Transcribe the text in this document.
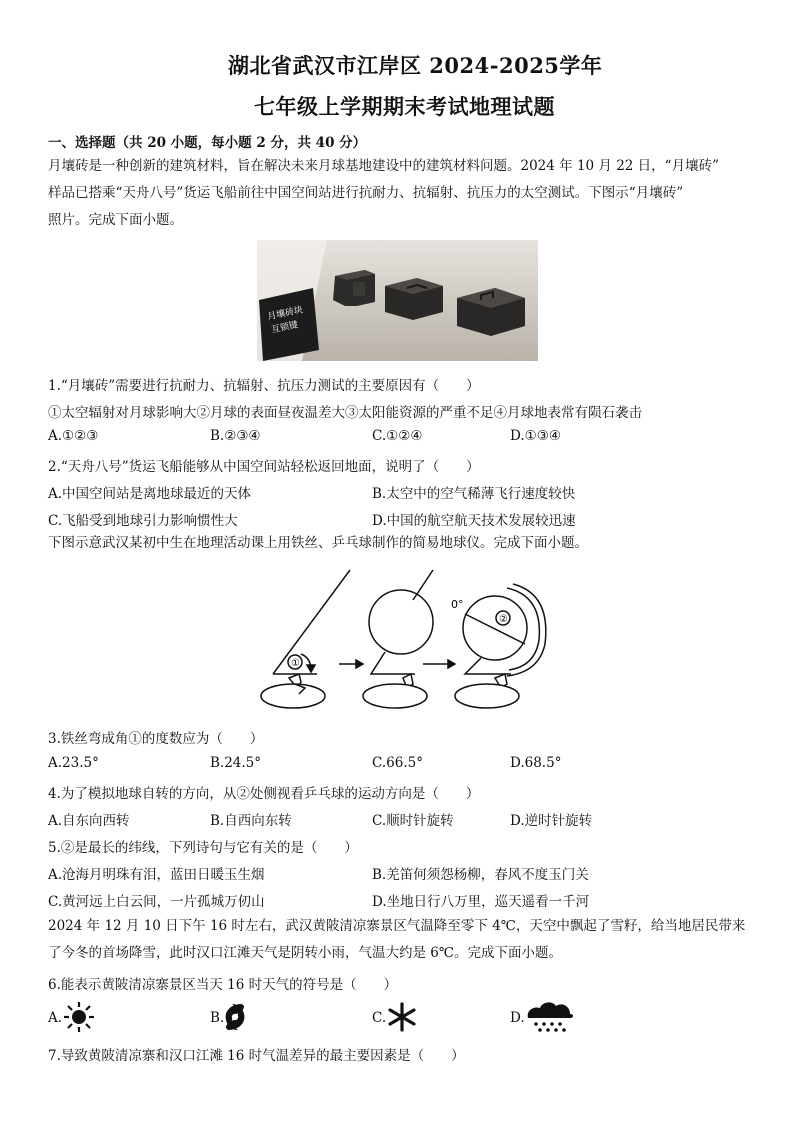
湖北省武汉市江岸区 2024-2025学年
七年级上学期期末考试地理试题
一、选择题（共 20 小题，每小题 2 分，共 40 分）
月壤砖是一种创新的建筑材料，旨在解决未来月球基地建设中的建筑材料问题。2024 年 10 月 22 日，“月壤砖”
样品已搭乘“天舟八号”货运飞船前往中国空间站进行抗耐力、抗辐射、抗压力的太空测试。下图示“月壤砖”
照片。完成下面小题。
月壤砖块
互锁键
1.“月壤砖”需要进行抗耐力、抗辐射、抗压力测试的主要原因有（　　）
①太空辐射对月球影响大②月球的表面昼夜温差大③太阳能资源的严重不足④月球地表常有陨石袭击
A.①②③	B.②③④	C.①②④	D.①③④
2.“天舟八号”货运飞船能够从中国空间站轻松返回地面，说明了（　　）
A.中国空间站是离地球最近的天体	B.太空中的空气稀薄飞行速度较快
C.飞船受到地球引力影响惯性大	D.中国的航空航天技术发展较迅速
下图示意武汉某初中生在地理活动课上用铁丝、乒乓球制作的简易地球仪。完成下面小题。
①
②
0°
3.铁丝弯成角①的度数应为（　　）
A.23.5°	B.24.5°	C.66.5°	D.68.5°
4.为了模拟地球自转的方向，从②处侧视看乒乓球的运动方向是（　　）
A.自东向西转	B.自西向东转	C.顺时针旋转	D.逆时针旋转
5.②是最长的纬线，下列诗句与它有关的是（　　）
A.沧海月明珠有泪，蓝田日暖玉生烟	B.羌笛何须怨杨柳，春风不度玉门关
C.黄河远上白云间，一片孤城万仞山	D.坐地日行八万里，巡天遥看一千河
2024 年 12 月 10 日下午 16 时左右，武汉黄陂清凉寨景区气温降至零下 4℃，天空中飘起了雪籽，给当地居民带来
了今冬的首场降雪，此时汉口江滩天气是阴转小雨，气温大约是 6℃。完成下面小题。
6.能表示黄陂清凉寨景区当天 16 时天气的符号是（　　）
A.	B.	C.	D.
7.导致黄陂清凉寨和汉口江滩 16 时气温差异的最主要因素是（　　）
